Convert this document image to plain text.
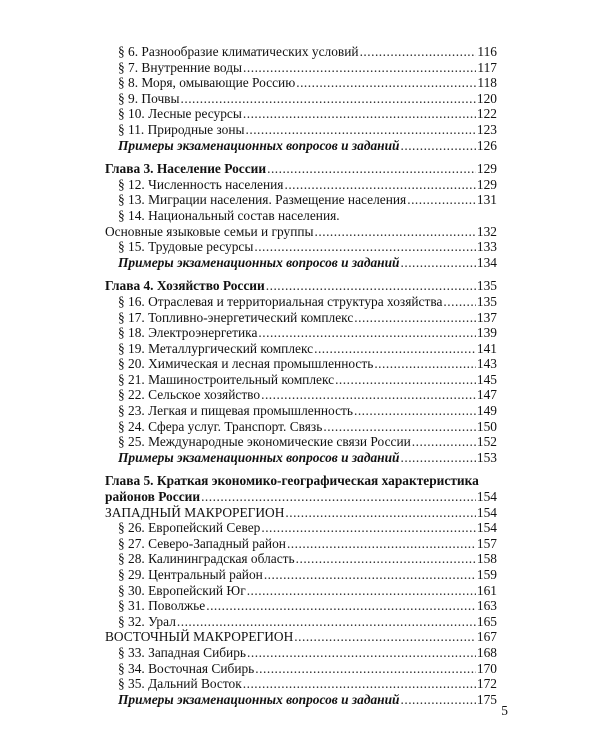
§ 6. Разнообразие климатических условий .....	116
§ 7. Внутренние воды .....	117
§ 8. Моря, омывающие Россию .....	118
§ 9. Почвы .....	120
§ 10. Лесные ресурсы .....	122
§ 11. Природные зоны .....	123
Примеры экзаменационных вопросов и заданий .....	126
Глава 3. Население России .....	129
§ 12. Численность населения .....	129
§ 13. Миграции населения. Размещение населения .....	131
§ 14. Национальный состав населения.
Основные языковые семьи и группы .....	132
§ 15. Трудовые ресурсы .....	133
Примеры экзаменационных вопросов и заданий .....	134
Глава 4. Хозяйство России .....	135
§ 16. Отраслевая и территориальная структура хозяйства .....	135
§ 17. Топливно-энергетический комплекс .....	137
§ 18. Электроэнергетика .....	139
§ 19. Металлургический комплекс .....	141
§ 20. Химическая и лесная промышленность .....	143
§ 21. Машиностроительный комплекс .....	145
§ 22. Сельское хозяйство .....	147
§ 23. Легкая и пищевая промышленность .....	149
§ 24. Сфера услуг. Транспорт. Связь .....	150
§ 25. Международные экономические связи России .....	152
Примеры экзаменационных вопросов и заданий .....	153
Глава 5. Краткая экономико-географическая характеристика
районов России .....	154
ЗАПАДНЫЙ МАКРОРЕГИОН .....	154
§ 26. Европейский Север .....	154
§ 27. Северо-Западный район .....	157
§ 28. Калининградская область .....	158
§ 29. Центральный район .....	159
§ 30. Европейский Юг .....	161
§ 31. Поволжье .....	163
§ 32. Урал .....	165
ВОСТОЧНЫЙ МАКРОРЕГИОН .....	167
§ 33. Западная Сибирь .....	168
§ 34. Восточная Сибирь .....	170
§ 35. Дальний Восток .....	172
Примеры экзаменационных вопросов и заданий .....	175
5
